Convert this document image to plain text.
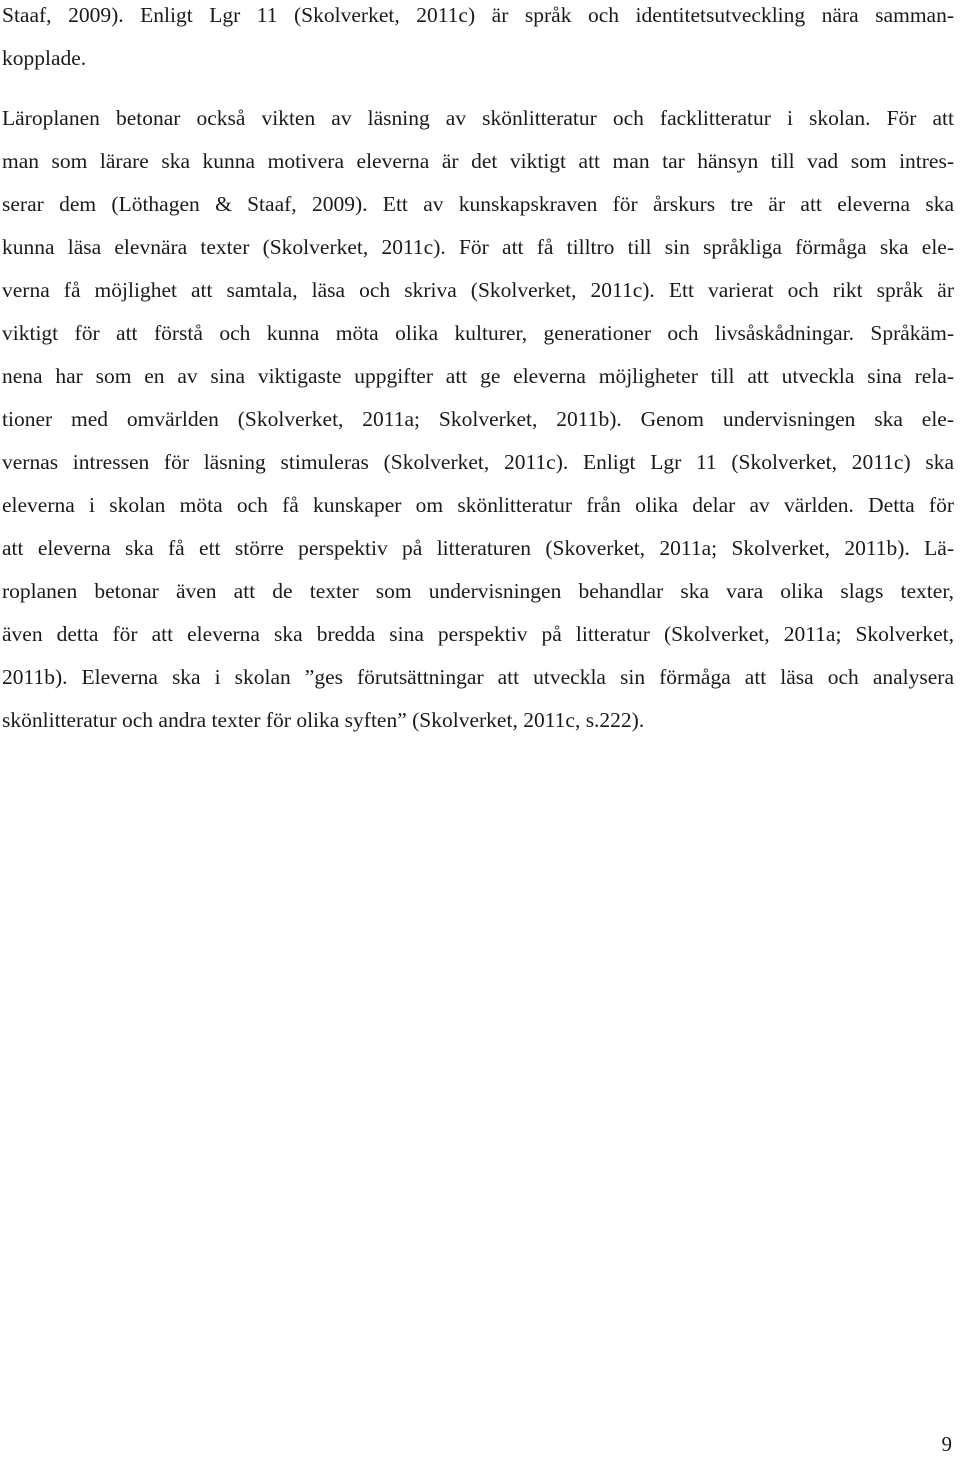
Staaf, 2009). Enligt Lgr 11 (Skolverket, 2011c) är språk och identitetsutveckling nära samman-
kopplade.
Läroplanen betonar också vikten av läsning av skönlitteratur och facklitteratur i skolan. För att
man som lärare ska kunna motivera eleverna är det viktigt att man tar hänsyn till vad som intres-
serar dem (Löthagen & Staaf, 2009). Ett av kunskapskraven för årskurs tre är att eleverna ska
kunna läsa elevnära texter (Skolverket, 2011c). För att få tilltro till sin språkliga förmåga ska ele-
verna få möjlighet att samtala, läsa och skriva (Skolverket, 2011c). Ett varierat och rikt språk är
viktigt för att förstå och kunna möta olika kulturer, generationer och livsåskådningar. Språkäm-
nena har som en av sina viktigaste uppgifter att ge eleverna möjligheter till att utveckla sina rela-
tioner med omvärlden (Skolverket, 2011a; Skolverket, 2011b). Genom undervisningen ska ele-
vernas intressen för läsning stimuleras (Skolverket, 2011c). Enligt Lgr 11 (Skolverket, 2011c) ska
eleverna i skolan möta och få kunskaper om skönlitteratur från olika delar av världen. Detta för
att eleverna ska få ett större perspektiv på litteraturen (Skoverket, 2011a; Skolverket, 2011b). Lä-
roplanen betonar även att de texter som undervisningen behandlar ska vara olika slags texter,
även detta för att eleverna ska bredda sina perspektiv på litteratur (Skolverket, 2011a; Skolverket,
2011b). Eleverna ska i skolan ”ges förutsättningar att utveckla sin förmåga att läsa och analysera
skönlitteratur och andra texter för olika syften” (Skolverket, 2011c, s.222).
9
